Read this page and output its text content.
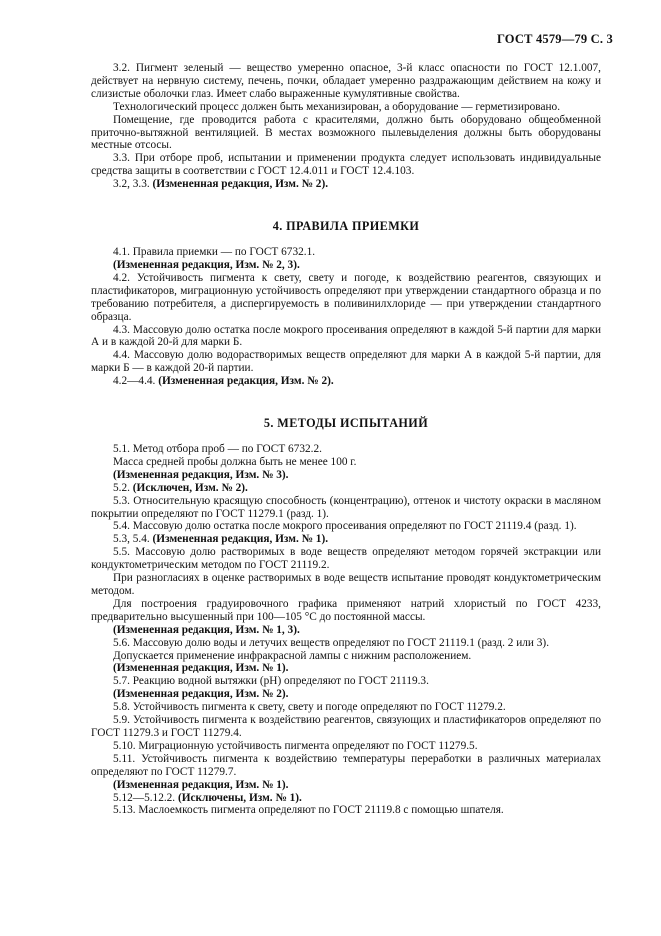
ГОСТ 4579—79 С. 3

3.2. Пигмент зеленый — вещество умеренно опасное, 3-й класс опасности по ГОСТ 12.1.007, действует на нервную систему, печень, почки, обладает умеренно раздражающим действием на кожу и слизистые оболочки глаз. Имеет слабо выраженные кумулятивные свойства.

Технологический процесс должен быть механизирован, а оборудование — герметизировано.

Помещение, где проводится работа с красителями, должно быть оборудовано общеобменной приточно-вытяжной вентиляцией. В местах возможного пылевыделения должны быть оборудованы местные отсосы.

3.3. При отборе проб, испытании и применении продукта следует использовать индивидуальные средства защиты в соответствии с ГОСТ 12.4.011 и ГОСТ 12.4.103.

3.2, 3.3. (Измененная редакция, Изм. № 2).

4. ПРАВИЛА ПРИЕМКИ

4.1. Правила приемки — по ГОСТ 6732.1.

(Измененная редакция, Изм. № 2, 3).

4.2. Устойчивость пигмента к свету, свету и погоде, к воздействию реагентов, связующих и пластификаторов, миграционную устойчивость определяют при утверждении стандартного образца и по требованию потребителя, а диспергируемость в поливинилхлориде — при утверждении стандартного образца.

4.3. Массовую долю остатка после мокрого просеивания определяют в каждой 5-й партии для марки А и в каждой 20-й для марки Б.

4.4. Массовую долю водорастворимых веществ определяют для марки А в каждой 5-й партии, для марки Б — в каждой 20-й партии.

4.2—4.4. (Измененная редакция, Изм. № 2).

5. МЕТОДЫ ИСПЫТАНИЙ

5.1. Метод отбора проб — по ГОСТ 6732.2.

Масса средней пробы должна быть не менее 100 г.

(Измененная редакция, Изм. № 3).

5.2. (Исключен, Изм. № 2).

5.3. Относительную красящую способность (концентрацию), оттенок и чистоту окраски в масляном покрытии определяют по ГОСТ 11279.1 (разд. 1).

5.4. Массовую долю остатка после мокрого просеивания определяют по ГОСТ 21119.4 (разд. 1).

5.3, 5.4. (Измененная редакция, Изм. № 1).

5.5. Массовую долю растворимых в воде веществ определяют методом горячей экстракции или кондуктометрическим методом по ГОСТ 21119.2.

При разногласиях в оценке растворимых в воде веществ испытание проводят кондуктометрическим методом.

Для построения градуировочного графика применяют натрий хлористый по ГОСТ 4233, предварительно высушенный при 100—105 °С до постоянной массы.

(Измененная редакция, Изм. № 1, 3).

5.6. Массовую долю воды и летучих веществ определяют по ГОСТ 21119.1 (разд. 2 или 3).

Допускается применение инфракрасной лампы с нижним расположением.

(Измененная редакция, Изм. № 1).

5.7. Реакцию водной вытяжки (рН) определяют по ГОСТ 21119.3.

(Измененная редакция, Изм. № 2).

5.8. Устойчивость пигмента к свету, свету и погоде определяют по ГОСТ 11279.2.

5.9. Устойчивость пигмента к воздействию реагентов, связующих и пластификаторов определяют по ГОСТ 11279.3 и ГОСТ 11279.4.

5.10. Миграционную устойчивость пигмента определяют по ГОСТ 11279.5.

5.11. Устойчивость пигмента к воздействию температуры переработки в различных материалах определяют по ГОСТ 11279.7.

(Измененная редакция, Изм. № 1).

5.12—5.12.2. (Исключены, Изм. № 1).

5.13. Маслоемкость пигмента определяют по ГОСТ 21119.8 с помощью шпателя.
